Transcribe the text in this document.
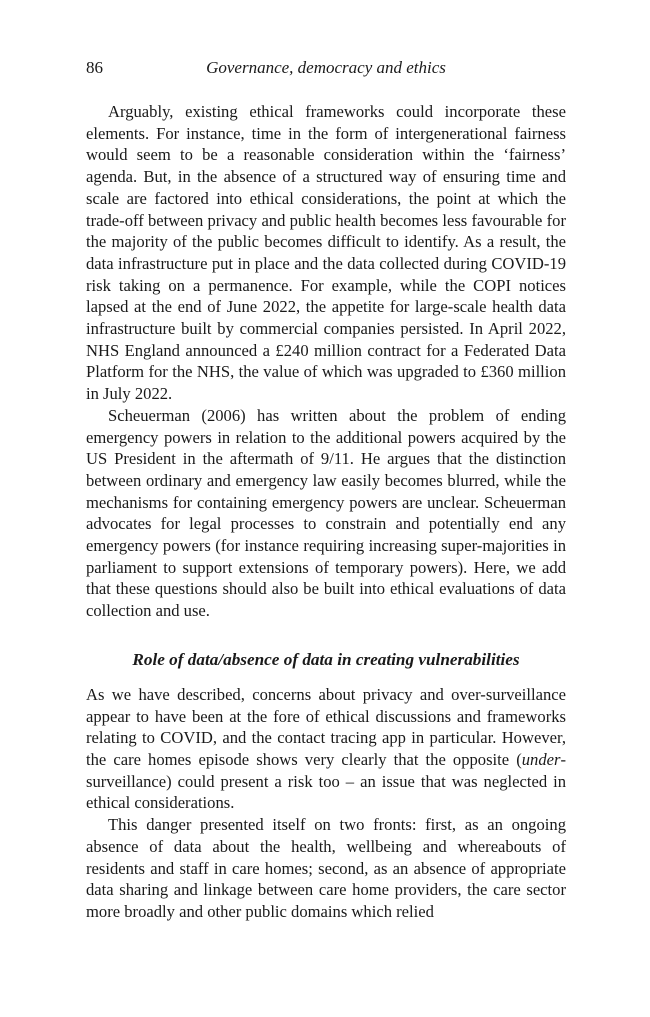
86	Governance, democracy and ethics

Arguably, existing ethical frameworks could incorporate these elements. For instance, time in the form of intergenerational fairness would seem to be a reasonable consideration within the ‘fairness’ agenda. But, in the absence of a structured way of ensuring time and scale are factored into ethical considerations, the point at which the trade-off between privacy and public health becomes less favourable for the majority of the public becomes difficult to identify. As a result, the data infrastructure put in place and the data collected during COVID-19 risk taking on a permanence. For example, while the COPI notices lapsed at the end of June 2022, the appetite for large-scale health data infrastructure built by commercial companies persisted. In April 2022, NHS England announced a £240 million contract for a Federated Data Platform for the NHS, the value of which was upgraded to £360 million in July 2022.

Scheuerman (2006) has written about the problem of ending emergency powers in relation to the additional powers acquired by the US President in the aftermath of 9/11. He argues that the distinction between ordinary and emergency law easily becomes blurred, while the mechanisms for containing emergency powers are unclear. Scheuerman advocates for legal processes to constrain and potentially end any emergency powers (for instance requiring increasing super-majorities in parliament to support extensions of temporary powers). Here, we add that these questions should also be built into ethical evaluations of data collection and use.

Role of data/absence of data in creating vulnerabilities

As we have described, concerns about privacy and over-surveillance appear to have been at the fore of ethical discussions and frameworks relating to COVID, and the contact tracing app in particular. However, the care homes episode shows very clearly that the opposite (under-surveillance) could present a risk too – an issue that was neglected in ethical considerations.

This danger presented itself on two fronts: first, as an ongoing absence of data about the health, wellbeing and whereabouts of residents and staff in care homes; second, as an absence of appropriate data sharing and linkage between care home providers, the care sector more broadly and other public domains which relied
